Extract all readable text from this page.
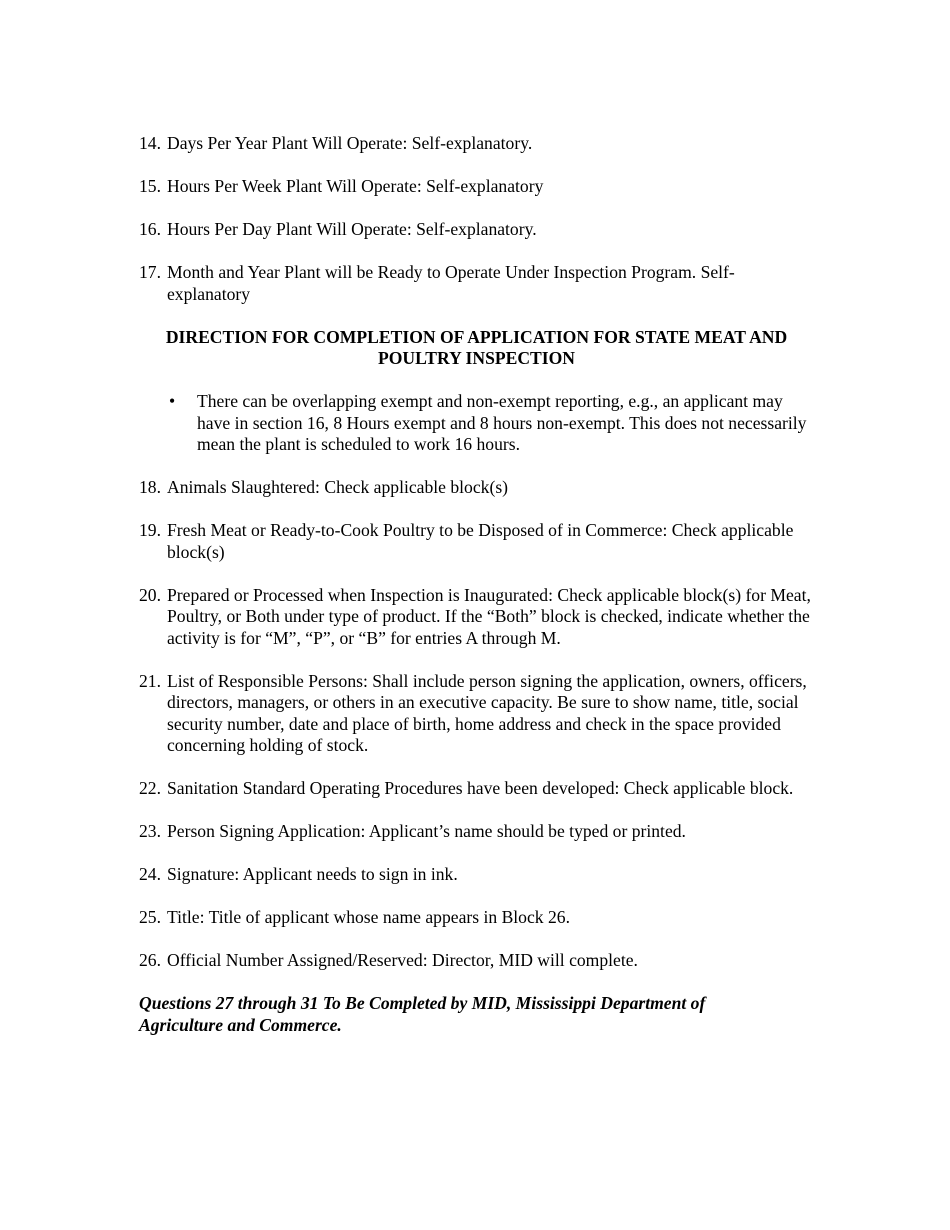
14. Days Per Year Plant Will Operate: Self-explanatory.
15. Hours Per Week Plant Will Operate: Self-explanatory
16. Hours Per Day Plant Will Operate: Self-explanatory.
17. Month and Year Plant will be Ready to Operate Under Inspection Program. Self-explanatory
DIRECTION FOR COMPLETION OF APPLICATION FOR STATE MEAT AND POULTRY INSPECTION
•	There can be overlapping exempt and non-exempt reporting, e.g., an applicant may have in section 16, 8 Hours exempt and 8 hours non-exempt. This does not necessarily mean the plant is scheduled to work 16 hours.
18. Animals Slaughtered: Check applicable block(s)
19. Fresh Meat or Ready-to-Cook Poultry to be Disposed of in Commerce: Check applicable block(s)
20. Prepared or Processed when Inspection is Inaugurated: Check applicable block(s) for Meat, Poultry, or Both under type of product. If the “Both” block is checked, indicate whether the activity is for “M”, “P”, or “B” for entries A through M.
21. List of Responsible Persons: Shall include person signing the application, owners, officers, directors, managers, or others in an executive capacity. Be sure to show name, title, social security number, date and place of birth, home address and check in the space provided concerning holding of stock.
22. Sanitation Standard Operating Procedures have been developed: Check applicable block.
23. Person Signing Application: Applicant’s name should be typed or printed.
24. Signature: Applicant needs to sign in ink.
25. Title: Title of applicant whose name appears in Block 26.
26. Official Number Assigned/Reserved: Director, MID will complete.
Questions 27 through 31 To Be Completed by MID, Mississippi Department of Agriculture and Commerce.
